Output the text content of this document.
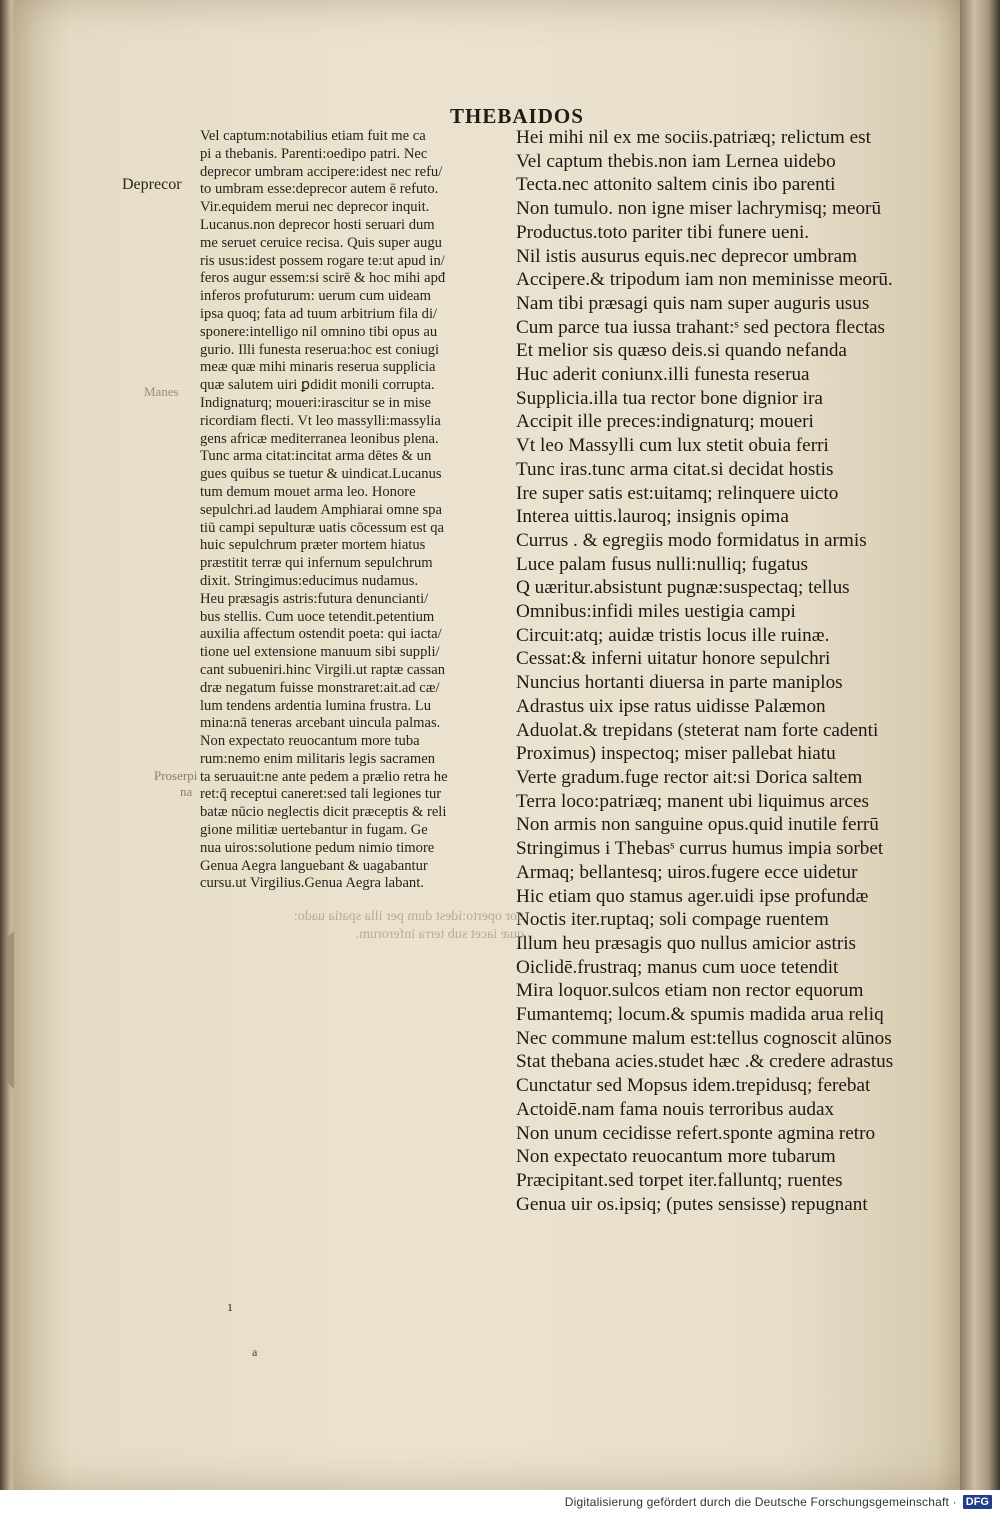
THEBAIDOS
Deprecor
Manes
Proserpi
na
Vel captum:notabilius etiam fuit me ca
pi a thebanis. Parenti:oedipo patri. Nec
deprecor umbram accipere:idest nec refu/
to umbram esse:deprecor autem ē refuto.
Vir.equidem merui nec deprecor inquit.
Lucanus.non deprecor hosti seruari dum
me seruet ceruice recisa. Quis super augu
ris usus:idest possem rogare te:ut apud in/
feros augur essem:si scirē & hoc mihi apđ
inferos profuturum: uerum cum uideam
ipsa quoq; fata ad tuum arbitrium fila di/
sponere:intelligo nil omnino tibi opus au
gurio. Illi funesta reserua:hoc est coniugi
meæ quæ mihi minaris reserua supplicia
quæ salutem uiri ꝑdidit monili corrupta.
Indignaturq; moueri:irascitur se in mise
ricordiam flecti. Vt leo massylli:massylia
gens africæ mediterranea leonibus plena.
Tunc arma citat:incitat arma dētes & un
gues quibus se tuetur & uindicat.Lucanus
tum demum mouet arma leo. Honore
sepulchri.ad laudem Amphiarai omne spa
tiū campi sepulturæ uatis cōcessum est qa
huic sepulchrum præter mortem hiatus
præstitit terræ qui infernum sepulchrum
dixit. Stringimus:educimus nudamus.
Heu præsagis astris:futura denuncianti/
bus stellis. Cum uoce tetendit.petentium
auxilia affectum ostendit poeta: qui iacta/
tione uel extensione manuum sibi suppli/
cant subueniri.hinc Virgili.ut raptæ cassan
dræ negatum fuisse monstraret:ait.ad cæ/
lum tendens ardentia lumina frustra. Lu
mina:nā teneras arcebant uincula palmas.
Non expectato reuocantum more tuba
rum:nemo enim militaris legis sacramen
ta seruauit:ne ante pedem a prælio retra he
ret:q̄ receptui caneret:sed tali legiones tur
batæ nūcio neglectis dicit præceptis & reli
gione militiæ uertebantur in fugam. Ge
nua uiros:solutione pedum nimio timore
Genua Aegra languebant & uagabantur
cursu.ut Virgilius.Genua Aegra labant.
Hei mihi nil ex me sociis.patriæq; relictum est
Vel captum thebis.non iam Lernea uidebo
Tecta.nec attonito saltem cinis ibo parenti
Non tumulo. non igne miser lachrymisq; meorū
Productus.toto pariter tibi funere ueni.
Nil istis ausurus equis.nec deprecor umbram
Accipere.& tripodum iam non meminisse meorū.
Nam tibi præsagi quis nam super auguris usus
Cum parce tua iussa trahant:ˢ sed pectora flectas
Et melior sis quæso deis.si quando nefanda
Huc aderit coniunx.illi funesta reserua
Supplicia.illa tua rector bone dignior ira
Accipit ille preces:indignaturq; moueri
Vt leo Massylli cum lux stetit obuia ferri
Tunc iras.tunc arma citat.si decidat hostis
Ire super satis est:uitamq; relinquere uicto
Interea uittis.lauroq; insignis opima
Currus . & egregiis modo formidatus in armis
Luce palam fusus nulli:nulliq; fugatus
Q uæritur.absistunt pugnæ:suspectaq; tellus
Omnibus:infidi miles uestigia campi
Circuit:atq; auidæ tristis locus ille ruinæ.
Cessat:& inferni uitatur honore sepulchri
Nuncius hortanti diuersa in parte maniplos
Adrastus uix ipse ratus uidisse Palæmon
Aduolat.& trepidans (steterat nam forte cadenti
Proximus) inspectoq; miser pallebat hiatu
Verte gradum.fuge rector ait:si Dorica saltem
Terra loco:patriæq; manent ubi liquimus arces
Non armis non sanguine opus.quid inutile ferrū
Stringimus i Thebasˢ currus humus impia sorbet
Armaq; bellantesq; uiros.fugere ecce uidetur
Hic etiam quo stamus ager.uidi ipse profundæ
Noctis iter.ruptaq; soli compage ruentem
Illum heu præsagis quo nullus amicior astris
Oiclidē.frustraq; manus cum uoce tetendit
Mira loquor.sulcos etiam non rector equorum
Fumantemq; locum.& spumis madida arua reliq
Nec commune malum est:tellus cognoscit alūnos
Stat thebana acies.studet hæc .& credere adrastus
Cunctatur sed Mopsus idem.trepidusq; ferebat
Actoidē.nam fama nouis terroribus audax
Non unum cecidisse refert.sponte agmina retro
Non expectato reuocantum more tubarum
Præcipitant.sed torpet iter.falluntq; ruentes
Genua uir os.ipsiq; (putes sensisse) repugnant
uor operto:idest dum per illa spatia uado:
quæ iacet sub terra inferorum.
ı
a
Digitalisierung gefördert durch die Deutsche Forschungsgemeinschaft · DFG
